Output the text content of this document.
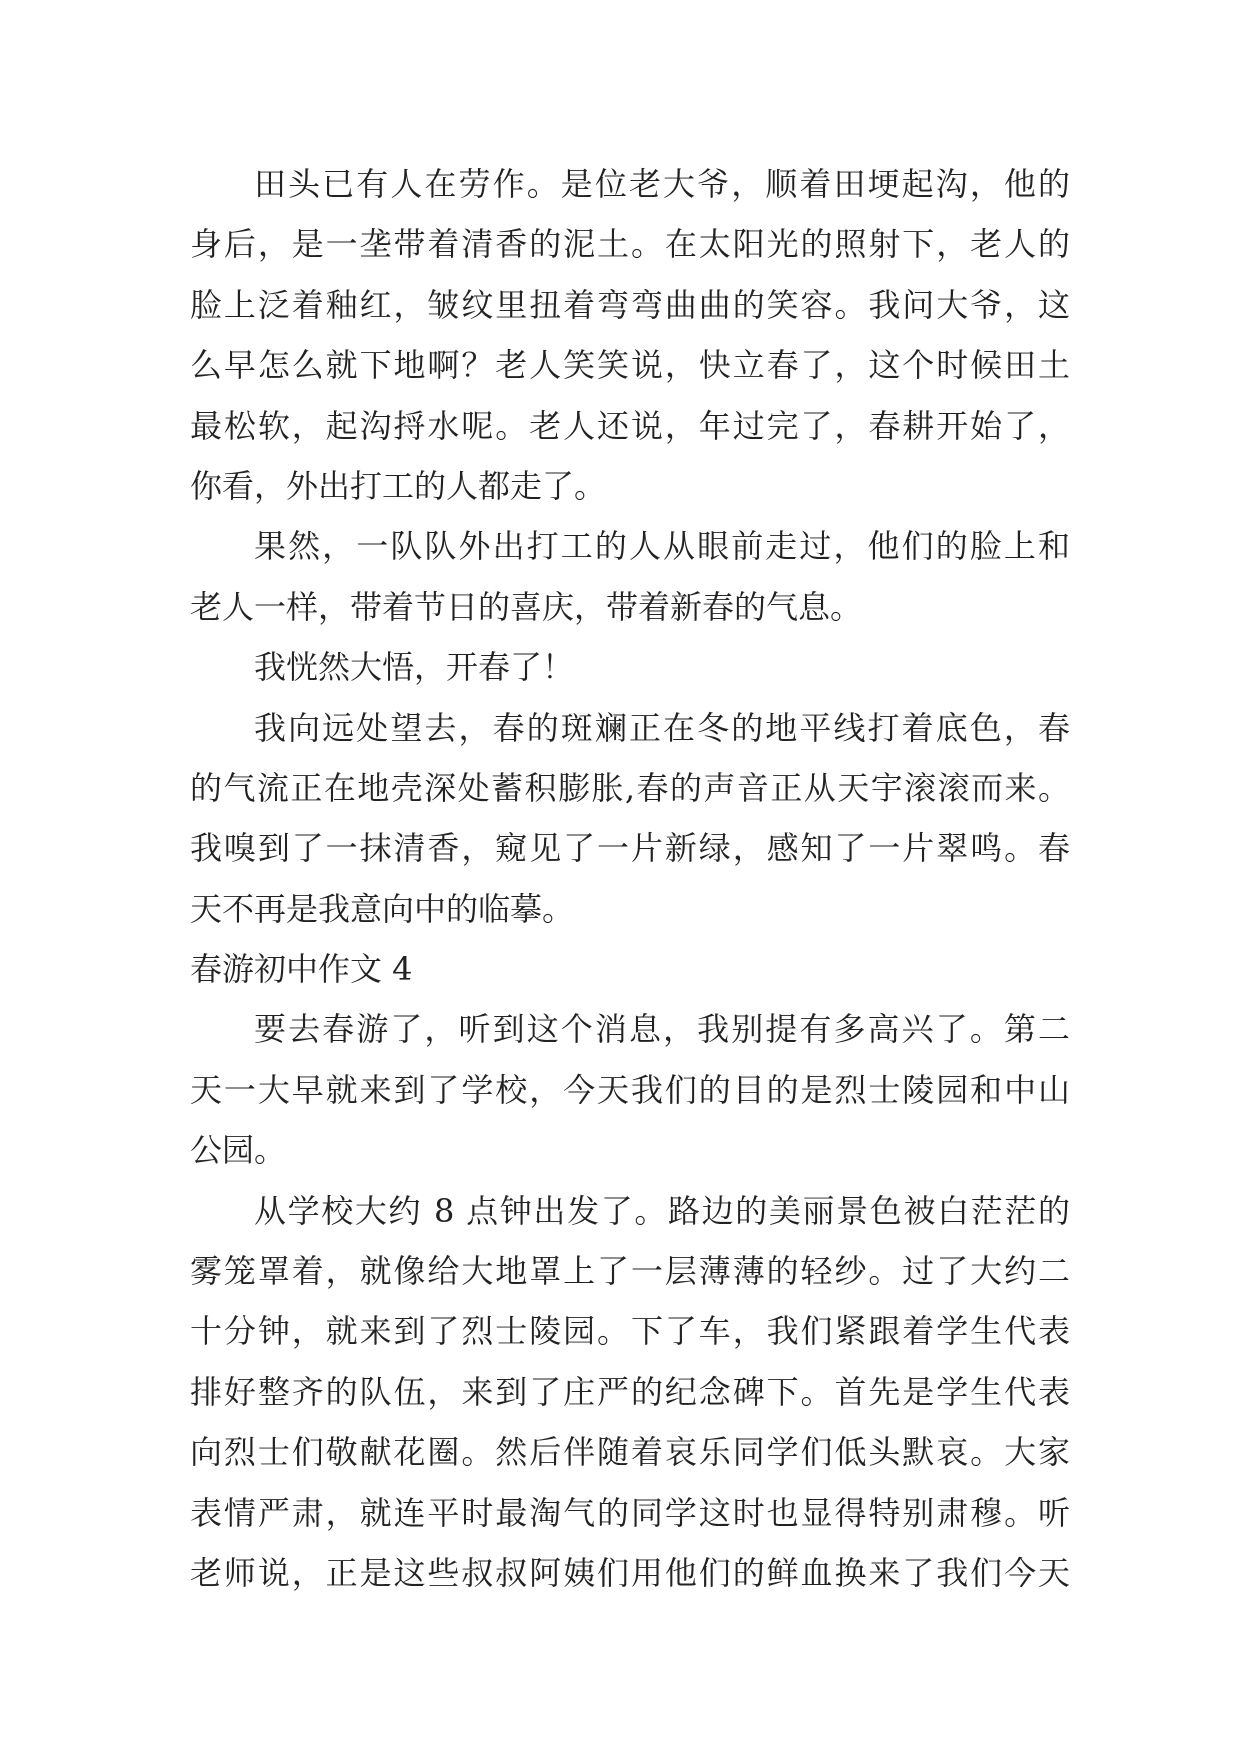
田头已有人在劳作。是位老大爷，顺着田埂起沟，他的
身后，是一垄带着清香的泥土。在太阳光的照射下，老人的
脸上泛着釉红，皱纹里扭着弯弯曲曲的笑容。我问大爷，这
么早怎么就下地啊？老人笑笑说，快立春了，这个时候田土
最松软，起沟捋水呢。老人还说，年过完了，春耕开始了，
你看，外出打工的人都走了。
果然，一队队外出打工的人从眼前走过，他们的脸上和
老人一样，带着节日的喜庆，带着新春的气息。
我恍然大悟，开春了！
我向远处望去，春的斑斓正在冬的地平线打着底色，春
的气流正在地壳深处蓄积膨胀,春的声音正从天宇滚滚而来。
我嗅到了一抹清香，窥见了一片新绿，感知了一片翠鸣。春
天不再是我意向中的临摹。
春游初中作文 4
要去春游了，听到这个消息，我别提有多高兴了。第二
天一大早就来到了学校，今天我们的目的是烈士陵园和中山
公园。
从学校大约 8 点钟出发了。路边的美丽景色被白茫茫的
雾笼罩着，就像给大地罩上了一层薄薄的轻纱。过了大约二
十分钟，就来到了烈士陵园。下了车，我们紧跟着学生代表
排好整齐的队伍，来到了庄严的纪念碑下。首先是学生代表
向烈士们敬献花圈。然后伴随着哀乐同学们低头默哀。大家
表情严肃，就连平时最淘气的同学这时也显得特别肃穆。听
老师说，正是这些叔叔阿姨们用他们的鲜血换来了我们今天
